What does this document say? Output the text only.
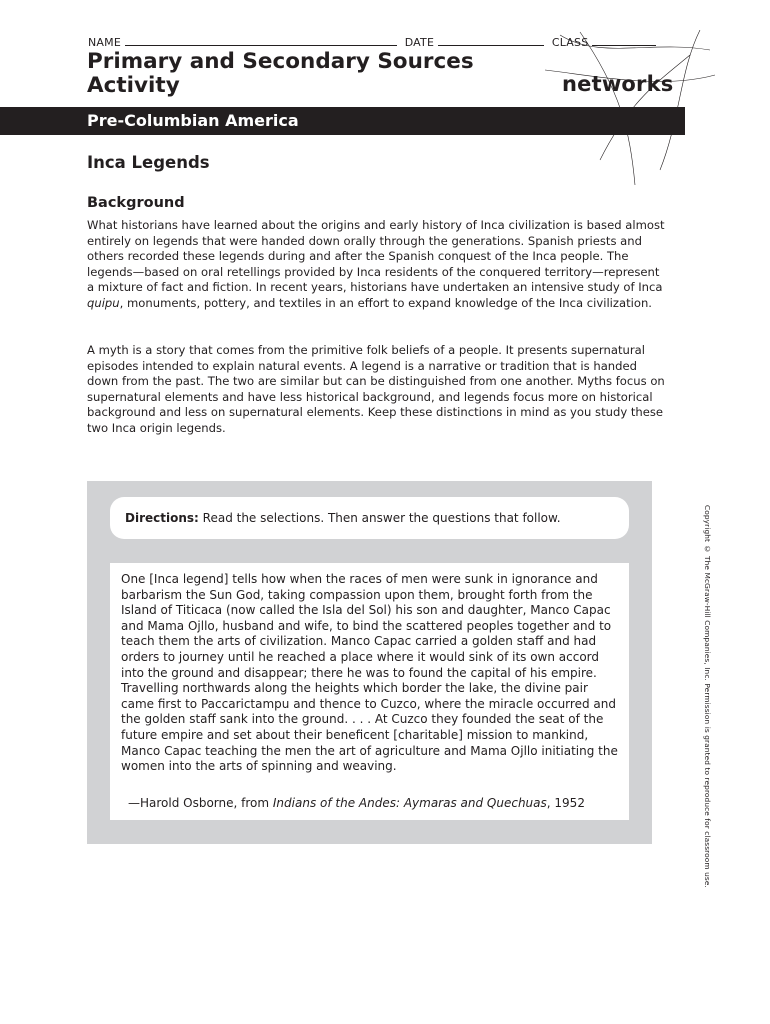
NAME	DATE	CLASS
Primary and Secondary Sources
Activity	networks
Pre-Columbian America
Inca Legends
Background

What historians have learned about the origins and early history of Inca civilization is based almost entirely on legends that were handed down orally through the generations. Spanish priests and others recorded these legends during and after the Spanish conquest of the Inca people. The legends—based on oral retellings provided by Inca residents of the conquered territory—represent a mixture of fact and fiction. In recent years, historians have undertaken an intensive study of Inca quipu, monuments, pottery, and textiles in an effort to expand knowledge of the Inca civilization.

A myth is a story that comes from the primitive folk beliefs of a people. It presents supernatural episodes intended to explain natural events. A legend is a narrative or tradition that is handed down from the past. The two are similar but can be distinguished from one another. Myths focus on supernatural elements and have less historical background, and legends focus more on historical background and less on supernatural elements. Keep these distinctions in mind as you study these two Inca origin legends.

Directions: Read the selections. Then answer the questions that follow.

One [Inca legend] tells how when the races of men were sunk in ignorance and barbarism the Sun God, taking compassion upon them, brought forth from the Island of Titicaca (now called the Isla del Sol) his son and daughter, Manco Capac and Mama Ojllo, husband and wife, to bind the scattered peoples together and to teach them the arts of civilization. Manco Capac carried a golden staff and had orders to journey until he reached a place where it would sink of its own accord into the ground and disappear; there he was to found the capital of his empire. Travelling northwards along the heights which border the lake, the divine pair came first to Paccarictampu and thence to Cuzco, where the miracle occurred and the golden staff sank into the ground. . . . At Cuzco they founded the seat of the future empire and set about their beneficent [charitable] mission to mankind, Manco Capac teaching the men the art of agriculture and Mama Ojllo initiating the women into the arts of spinning and weaving.

—Harold Osborne, from Indians of the Andes: Aymaras and Quechuas, 1952	Copyright © The McGraw-Hill Companies, Inc. Permission is granted to reproduce for classroom use.
